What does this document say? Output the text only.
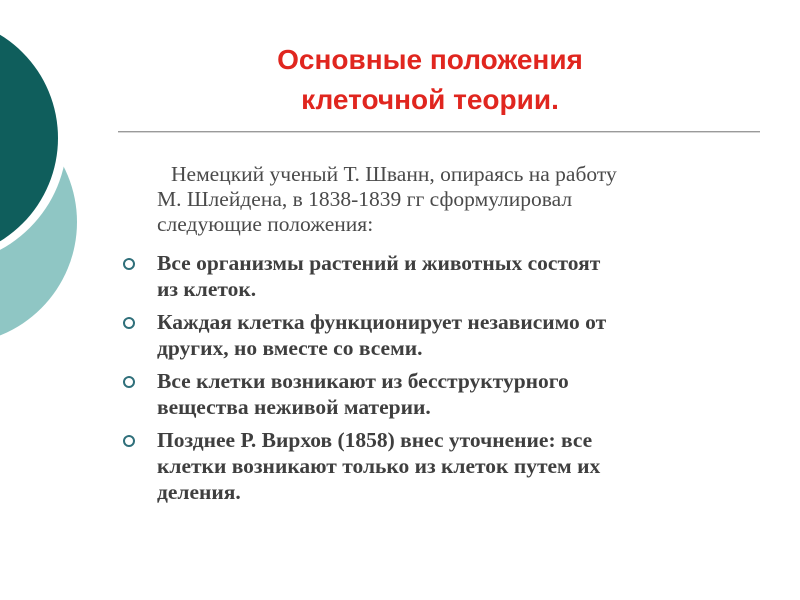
Основные положения
клеточной теории.

Немецкий ученый Т. Шванн, опираясь на работу
М. Шлейдена, в 1838-1839 гг сформулировал
следующие положения:

Все организмы растений и животных состоят
из клеток.
Каждая клетка функционирует независимо от
других, но вместе со всеми.
Все клетки возникают из бесструктурного
вещества неживой материи.
Позднее Р. Вирхов (1858) внес уточнение: все
клетки возникают только из клеток путем их
деления.
